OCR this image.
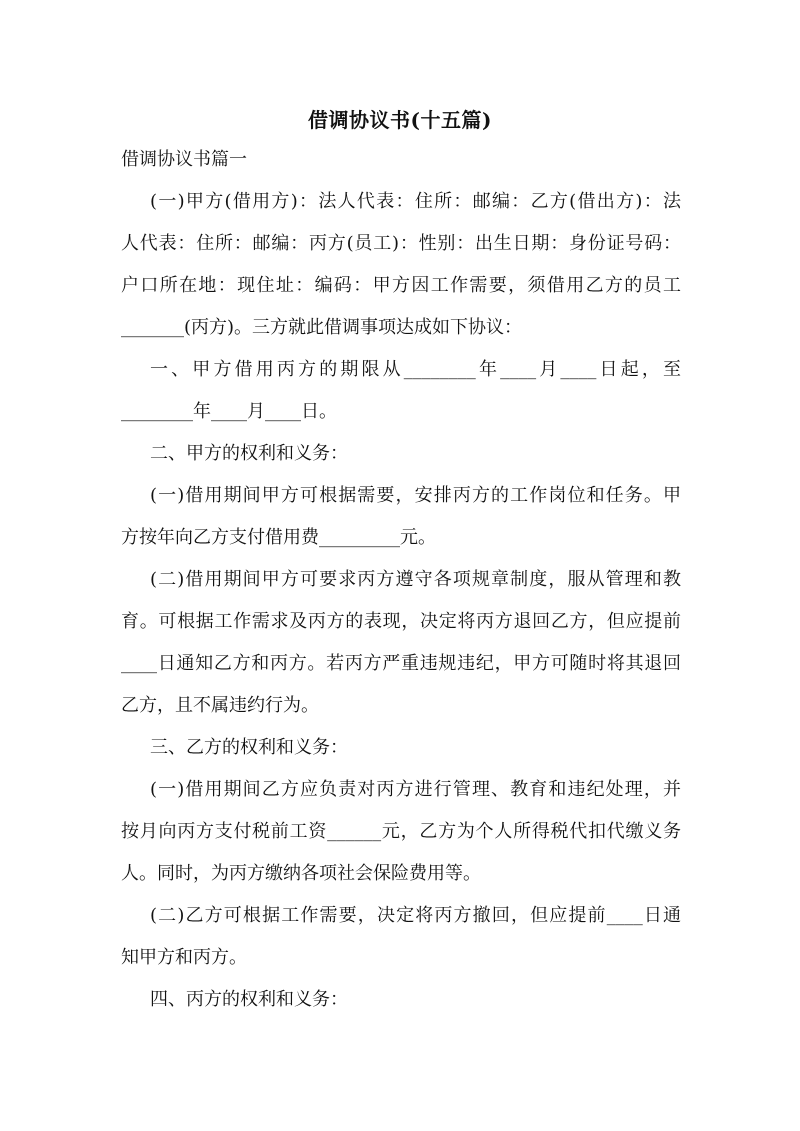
借调协议书(十五篇)
借调协议书篇一
(一)甲方(借用方)：法人代表：住所：邮编：乙方(借出方)：法
人代表：住所：邮编：丙方(员工)：性别：出生日期：身份证号码：
户口所在地：现住址：编码：甲方因工作需要，须借用乙方的员工
_______(丙方)。三方就此借调事项达成如下协议：
一、甲方借用丙方的期限从________年____月____日起，至
________年____月____日。
二、甲方的权利和义务：
(一)借用期间甲方可根据需要，安排丙方的工作岗位和任务。甲
方按年向乙方支付借用费_________元。
(二)借用期间甲方可要求丙方遵守各项规章制度，服从管理和教
育。可根据工作需求及丙方的表现，决定将丙方退回乙方，但应提前
____日通知乙方和丙方。若丙方严重违规违纪，甲方可随时将其退回
乙方，且不属违约行为。
三、乙方的权利和义务：
(一)借用期间乙方应负责对丙方进行管理、教育和违纪处理，并
按月向丙方支付税前工资______元，乙方为个人所得税代扣代缴义务
人。同时，为丙方缴纳各项社会保险费用等。
(二)乙方可根据工作需要，决定将丙方撤回，但应提前____日通
知甲方和丙方。
四、丙方的权利和义务：
